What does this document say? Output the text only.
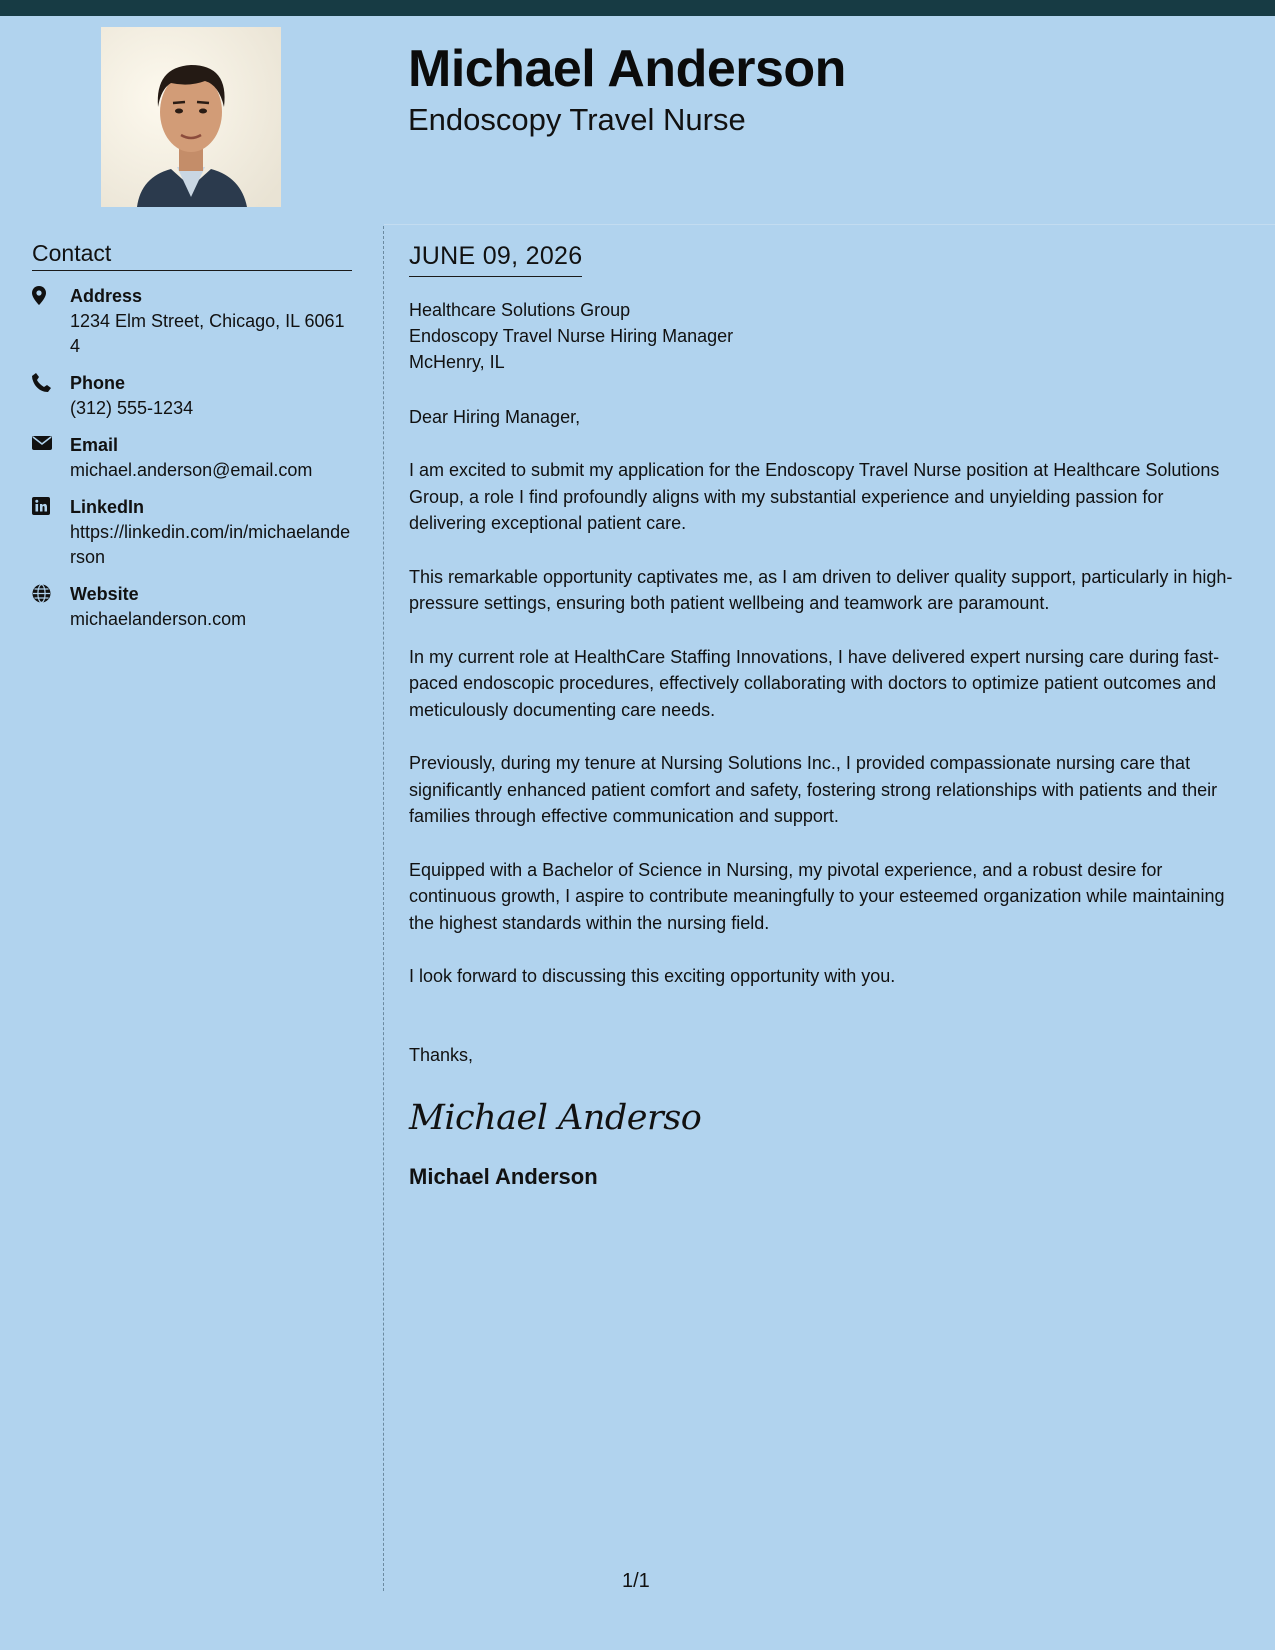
Michael Anderson
Endoscopy Travel Nurse
Contact
Address
1234 Elm Street, Chicago, IL 60614
Phone
(312) 555-1234
Email
michael.anderson@email.com
LinkedIn
https://linkedin.com/in/michaelanderson
Website
michaelanderson.com
JUNE 09, 2026
Healthcare Solutions Group
Endoscopy Travel Nurse Hiring Manager
McHenry, IL
Dear Hiring Manager,

I am excited to submit my application for the Endoscopy Travel Nurse position at Healthcare Solutions Group, a role I find profoundly aligns with my substantial experience and unyielding passion for delivering exceptional patient care.

This remarkable opportunity captivates me, as I am driven to deliver quality support, particularly in high-pressure settings, ensuring both patient wellbeing and teamwork are paramount.

In my current role at HealthCare Staffing Innovations, I have delivered expert nursing care during fast-paced endoscopic procedures, effectively collaborating with doctors to optimize patient outcomes and meticulously documenting care needs.

Previously, during my tenure at Nursing Solutions Inc., I provided compassionate nursing care that significantly enhanced patient comfort and safety, fostering strong relationships with patients and their families through effective communication and support.

Equipped with a Bachelor of Science in Nursing, my pivotal experience, and a robust desire for continuous growth, I aspire to contribute meaningfully to your esteemed organization while maintaining the highest standards within the nursing field.

I look forward to discussing this exciting opportunity with you.

Thanks,
Michael Anderso
Michael Anderson
1/1
